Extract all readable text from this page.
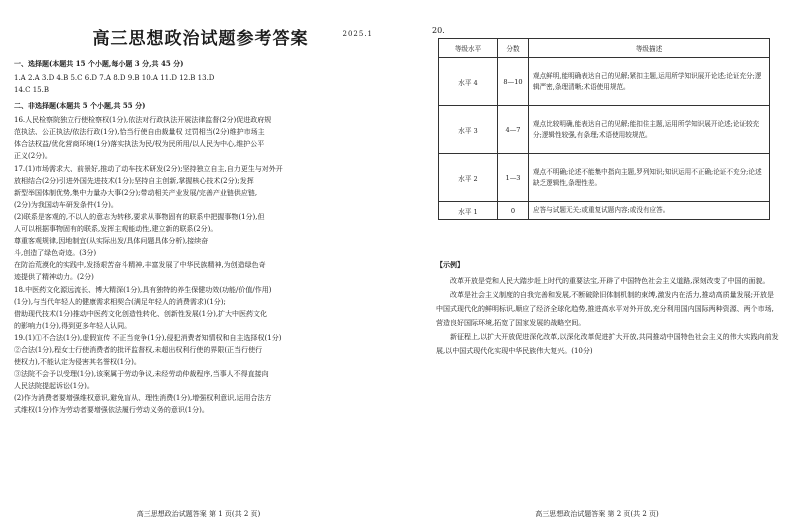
高三思想政治试题参考答案	2025.1
一、选择题(本题共 15 个小题,每小题 3 分,共 45 分)
1.A 2.A 3.D 4.B 5.C 6.D 7.A 8.D 9.B 10.A 11.D 12.B 13.D
14.C 15.B
二、非选择题(本题共 5 个小题,共 55 分)
16.人民检察院独立行使检察权(1分),依法对行政执法开展法律监督(2分)促进政府规
范执法、公正执法/依法行政(1分),恰当行使自由裁量权 过罚相当(2分)维护市场主
体合法权益/优化营商环境(1分)落实执法为民/权为民所用/以人民为中心,维护公平
正义(2分)。
17.(1)市场需求大、前景好,推动了动车技术研发(2分);坚持独立自主,自力更生与对外开
放相结合(2分)引进外国先进技术(1分);坚持自主创新,掌握核心技术(2分);发挥
新型举国体制优势,集中力量办大事(2分);带动相关产业发展/完善产业链供应链,
(2分)为我国动车研发条件(1分)。
(2)联系是客观的,不以人的意志为转移,要求从事物固有的联系中把握事物(1分),但
人可以根据事物固有的联系,发挥主观能动性,建立新的联系(2分)。
尊重客观规律,因地制宜(从实际出发/具体问题具体分析),接续奋
斗,创造了绿色奇迹。(3分)
在防治荒漠化的实践中,发扬艰苦奋斗精神,丰富发展了中华民族精神,为创造绿色奇
迹提供了精神动力。(2分)
18.中医药文化源远流长、博大精深(1分),具有独特的养生保健功效(功能/价值/作用)
(1分),与当代年轻人的健康需求相契合(满足年轻人的消费需求)(1分);
借助现代技术(1分)推动中医药文化创造性转化、创新性发展(1分),扩大中医药文化
的影响力(1分),得到更多年轻人认同。
19.(1)①不合法(1分),虚假宣传 不正当竞争(1分),侵犯消费者知情权和自主选择权(1分)
②合法(1分),程女士行使消费者的批评监督权,未超出权利行使的界限(正当行使行
使权力),不能认定为侵害其名誉权(1分)。
③法院不会予以受理(1分),该案属于劳动争议,未经劳动仲裁程序,当事人不得直接向
人民法院提起诉讼(1分)。
(2)作为消费者要增强维权意识,避免盲从、理性消费(1分),增强权利意识,运用合法方
式维权(1分)作为劳动者要增强依法履行劳动义务的意识(1分)。
高三思想政治试题答案 第 1 页(共 2 页)
20.
等级水平	分数	等级描述
水平 4	8—10	观点鲜明,能明确表达自己的见解;紧扣主题,运用所学知识展开论述;论证充分;逻辑严密,条理清晰;术语使用规范。
水平 3	4—7	观点比较明确,能表达自己的见解;能扣住主题,运用所学知识展开论述;论证较充分;逻辑性较强,有条理;术语使用较规范。
水平 2	1—3	观点不明确;论述不能集中指向主题,罗列知识;知识运用不正确;论证不充分;论述缺乏逻辑性,条理性差。
水平 1	0	应答与试题无关;或重复试题内容;或没有应答。
【示例】

改革开放是党和人民大踏步赶上时代的重要法宝,开辟了中国特色社会主义道路,深刻改变了中国的面貌。

改革是社会主义制度的自我完善和发展,不断破除旧体制机制的束缚,激发内在活力,推动高质量发展;开放是中国式现代化的鲜明标识,顺应了经济全球化趋势,推进高水平对外开放,充分利用国内国际两种资源、两个市场,营造良好国际环境,拓宽了国家发展的战略空间。

新征程上,以扩大开放促进深化改革,以深化改革促进扩大开放,共同推动中国特色社会主义的伟大实践向前发展,以中国式现代化实现中华民族伟大复兴。(10分)

高三思想政治试题答案 第 2 页(共 2 页)
